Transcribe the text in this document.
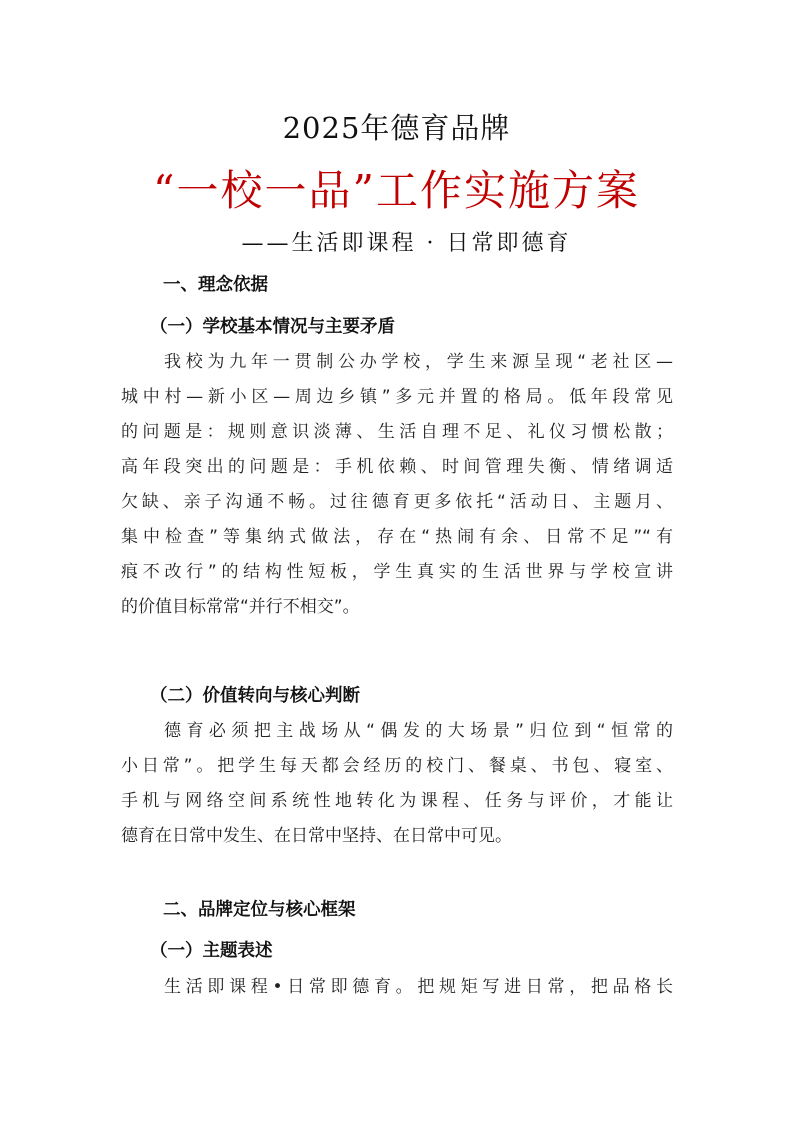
2025年德育品牌
“一校一品”工作实施方案
——生活即课程 · 日常即德育
一、理念依据
（一）学校基本情况与主要矛盾
我校为九年一贯制公办学校，学生来源呈现“老社区—
城中村—新小区—周边乡镇”多元并置的格局。低年段常见
的问题是：规则意识淡薄、生活自理不足、礼仪习惯松散；
高年段突出的问题是：手机依赖、时间管理失衡、情绪调适
欠缺、亲子沟通不畅。过往德育更多依托“活动日、主题月、
集中检查”等集纳式做法，存在“热闹有余、日常不足”“有
痕不改行”的结构性短板，学生真实的生活世界与学校宣讲
的价值目标常常“并行不相交”。
（二）价值转向与核心判断
德育必须把主战场从“偶发的大场景”归位到“恒常的
小日常”。把学生每天都会经历的校门、餐桌、书包、寝室、
手机与网络空间系统性地转化为课程、任务与评价，才能让
德育在日常中发生、在日常中坚持、在日常中可见。
二、品牌定位与核心框架
（一）主题表述
生活即课程•日常即德育。把规矩写进日常，把品格长
